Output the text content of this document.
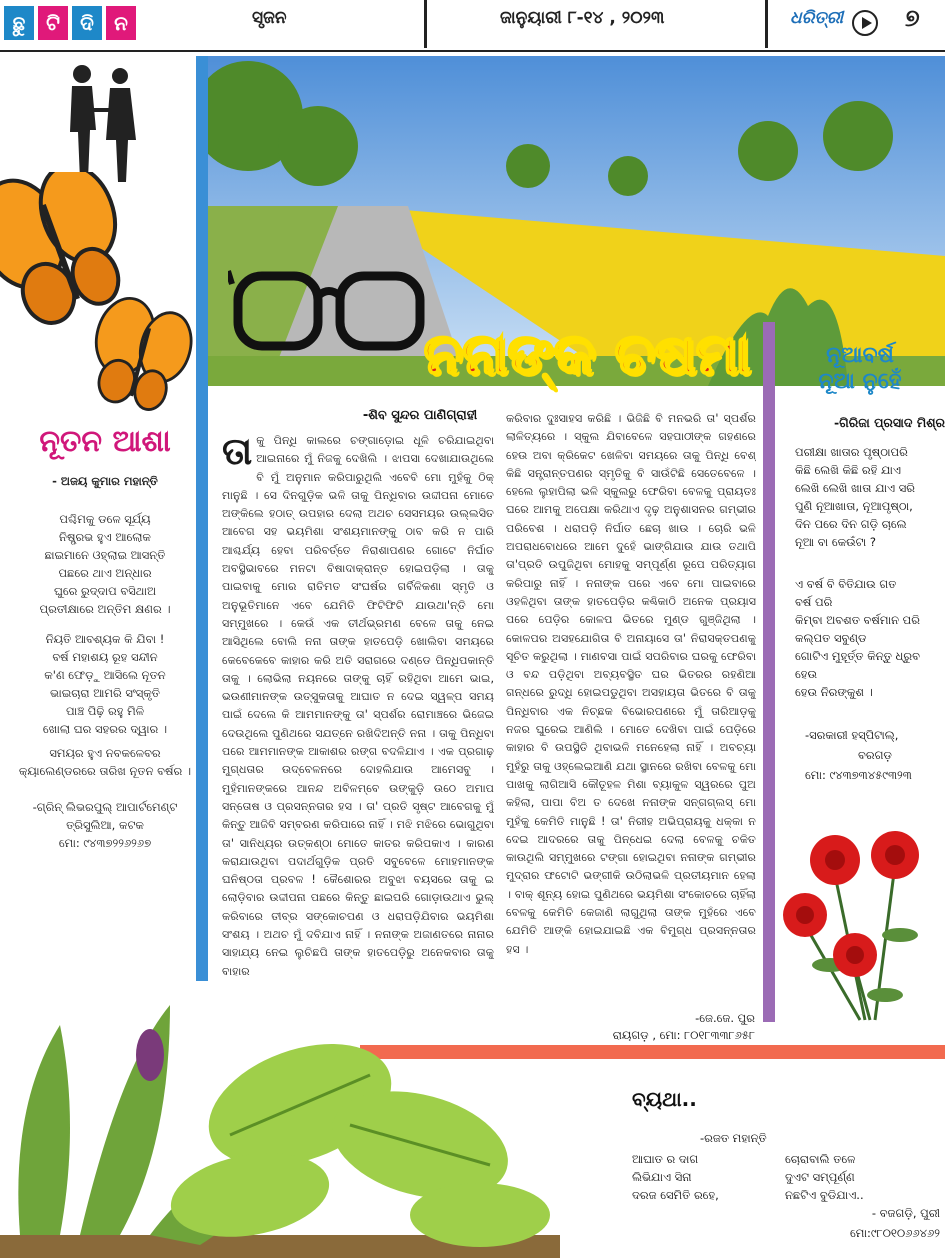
ଛୁ	ଟି	ଦି	ନ	ସୃଜନ	ଜାନୁୟାରୀ ୮-୧୪ , ୨୦୨୩	ଧରିତ୍ରୀ	୭
ନୂତନ ଆଶା
- ଅଜୟ କୁମାର ମହାନ୍ତି
ପଶ୍ଚିମକୁ ଡଳେ ସୂର୍ଯ୍ୟ
ନିଷ୍ପ୍ରଭ ହୁଏ ଆଲୋକ
ଛାଇମାନେ ଓହ୍ଲାଇ ଆସନ୍ତି
ପଛରେ ଥାଏ ଅନ୍ଧାର
ଘୁରେ ରୁଦ୍‌ଦାପ ବସିଥାଅ
ପ୍ରତୀକ୍ଷାରେ ଅନ୍ତିମ କ୍ଷଣର ।
ନିୟତି ଆବଶ୍ୟକ କି ଯିବା !
ବର୍ଷ ମହାଶୟ ରୂହ ସନ୍ଦୀନ
କ'ଣ ଫେଡ଼ୁ ଆସିଲେ ନୂତନ
ଭାଇଚାରା ଆମରି ସଂସ୍କୃତି
ପାଞ୍ଚ ପିଢ଼ି ରହୁ ମିଳି
ଖୋଲା ଘର ସହରର ଦ୍ୱାର ।
ସମୟର ହୁଏ ନବକଳେବର
କ୍ୟାଲେଣ୍ଡରରେ ତାରିଖ ନୂତନ ବର୍ଷର ।
-ଗ୍ରିନ୍ ଲିଭରପୁଲ୍ ଆପାର୍ଟମେଣ୍ଟ
ତ୍ରିସୁଲିଆ, କଟକ
ମୋ: ୯୪୩୭୨୨୬୨୬୭
ନନାଙ୍କ ଚଷମା
-ଶିବ ସୁନ୍ଦର ପାଣିଗ୍ରାହୀ
ତା କୁ ପିନ୍ଧି କାଲରେ ଚଙ୍ଗାଡ଼ୋଇ ଧୂଳି ଚରିଯାଇଥିବା ଆଇନାରେ ମୁଁ ନିଜକୁ ଦେଖିଲି । ଝାପସା ଦେଖାଯାଉଥିଲେ ବି ମୁଁ ଅନୁମାନ କରିପାରୁଥିଲି ଏବେବି ମୋ ମୁହଁକୁ ଠିକ୍ ମାନୁଛି । ସେ ଦିନଗୁଡ଼ିକ ଭଳି ତାକୁ ପିନ୍ଧିବାର ଉଦ୍ଦୀପନା ମୋତେ ଅଙ୍କିଲେ ହଠାତ୍ ଉପହାର ଦେଲା ଅଥଚ ସେସମୟର ଉଲ୍ଲସିତ ଆବେଗ ସହ ଭୟମିଶା ସଂଶୟମାନଙ୍କୁ ଠାବ କରି ନ ପାରି ଆଶ୍ଚର୍ଯ୍ୟ ହେବା ପରିବର୍ତ୍ତେ ନିରାଶାପଣର ଗୋଟେ ନିର୍ଘାତ ଅବସ୍ଥିଭାବରେ ମନଟା ବିଷାଦାକ୍ରାନ୍ତ ହୋଇପଡ଼ିଲା । ତାକୁ ପାଇବାକୁ ମୋର ରାତିମତ ସଂଘର୍ଷର ଗର୍ବିଳିକଣା ସ୍ମୃତି ଓ ଅନୁଭୂତିମାନେ ଏବେ ଯେମିତି ଫିଟିଫିଟି ଯାଉଥା'ନ୍ତି ମୋ ସମ୍ମୁଖରେ । କେଉଁ ଏକ ତୀର୍ଥଭ୍ରମଣ ବେଳେ ତାକୁ ନେଇ ଆସିଥିଲେ ବୋଲି ନନା ତାଙ୍କ ହାତପେଡ଼ି ଖୋଲିବା ସମୟରେ କେବେକେବେ କାହାର କରି ଅତି ସରାଗରେ ଦଣ୍ଡେ ପିନ୍ଧିପକାନ୍ତି ତାକୁ । ଲୋଭିଲା ନୟନରେ ତାଙ୍କୁ ଚାହିଁ ରହିଥିବା ଆମେ ଭାଇ, ଭଉଣୀମାନଙ୍କ ଉତ୍ସୁକତାକୁ ଆଘାତ ନ ଦେଇ ସ୍ୱଳ୍ପ ସମୟ ପାଇଁ ଦେଲେ କି ଆମମାନଙ୍କୁ ତା' ସ୍ପର୍ଶର ରୋମାଞ୍ଚରେ ଭିଜେଇ ଦେଉଥିଲେ ପୁଣିଥରେ ସଯତ୍ନେ ରଖିଦିଅନ୍ତି ନନା । ତାକୁ ପିନ୍ଧିବା ପରେ ଆମମାନଙ୍କ ଆକାଶର ରଙ୍ଗ ବଦଳିଯାଏ । ଏକ ପ୍ରଗାଢ଼ ମୁଗ୍ଧତାର ଉଦ୍‌ବେଳନରେ ଦୋହଲିଯାଉ ଆମେସବୁ । ମୁହଁମାନଙ୍କରେ ଆନନ୍ଦ ଅବିଳମ୍ବେ ଉଙ୍କୁଡ଼ି ଉଠେ ଅମାପ ସନ୍ତୋଷ ଓ ପ୍ରସନ୍ନତାର ହସ । ତା' ପ୍ରତି ସୃଷ୍ଟ ଆବେଗକୁ ମୁଁ କିନ୍ତୁ ଆଜିବି ସମ୍ବରଣ କରିପାରେ ନାହିଁ । ମଝି ମଝିରେ ଭୋଗୁଥିବା ତା' ସାନିଧ୍ୟର ଉତ୍କଣ୍ଠା ମୋତେ କାତର କରିପକାଏ । କାରଣ କରାଯାଉଥିବା ପଦାର୍ଥଗୁଡ଼ିକ ପ୍ରତି ସବୁବେଳେ ମୋହମାନଙ୍କ ଘନିଷ୍ଠତା ପ୍ରବଳ ! କୈଶୋରର ଅବୁଝା ବୟସରେ ତାକୁ ଇ ଲୋଡ଼ିବାର ଉଦ୍ଦୀପନା ପଛରେ କିନ୍ତୁ ଛାଇପରି ଗୋଡ଼ାଉଥାଏ ଭୁଲ୍ କରିବାରେ ତୀବ୍ର ସଙ୍କୋଚପଣ ଓ ଧରାପଡ଼ିଯିବାର ଭୟମିଶା ସଂଶୟ । ଅଥଚ ମୁଁ ଦବିଯାଏ ନାହିଁ । ନନାଙ୍କ ଅଜାଣତରେ ନାନାର ସାହାଯ୍ୟ ନେଇ ଲୁଚିଛପି ତାଙ୍କ ହାତପେଡ଼ିରୁ ଅନେକବାର ତାକୁ ବାହାର
କରିବାର ଦୁଃସାହସ କରିଛି । ଭିଜିଛି ବି ମନଭରି ତା' ସ୍ପର୍ଶର ଲାଳିତ୍ୟରେ । ସ୍କୁଲ ଯିବାବେଳେ ସହପାଠୀଙ୍କ ଗହଣରେ ହେଉ ଅବା କ୍ରିକେଟ ଖେଳିବା ସମୟରେ ତାକୁ ପିନ୍ଧି ବେଶ୍ କିଛି ସନ୍ତ୍ରାନ୍ତପଣର ସ୍ମୃତିକୁ ବି ସାଉଁଟିଛି ସେତେବେଳେ । ହେଲେ ଲୁହାପିଲା ଭଳି ସ୍କୁଲରୁ ଫେରିବା ବେଳକୁ ପ୍ରାୟତଃ ଘରେ ଆମକୁ ଅପେକ୍ଷା କରିଥାଏ ଦୃଢ଼ ଅନୁଶାସନର ଗମ୍ଭୀର ପରିବେଶ । ଧରାପଡ଼ି ନିର୍ଘାତ ଛେଚା ଖାଉ । ଚୋରି ଭଳି ଅପରାଧବୋଧରେ ଆମେ ଦୁହେଁ ଭାଙ୍ଗିଯାଉ ଯାଉ ତଥାପି ତା'ପ୍ରତି ଉପୁଜିଥିବା ମୋହକୁ ସମ୍ପୂର୍ଣ୍ଣ ରୂପେ ପରିତ୍ୟାଗ କରିପାରୁ ନାହିଁ । ନନାଙ୍କ ପରେ ଏବେ ମୋ ପାଇବାରେ ଓହଳିଥିବା ତାଙ୍କ ହାତପେଡ଼ିର କଣ୍ଢିକାଠି ଅନେକ ପ୍ରୟାସ ପରେ ପେଡ଼ିର କୋଳପ ଭିତରେ ମୁଣ୍ଡ ଗୁଞ୍ଜିଥିଲା । କୋଳପର ଅସହଯୋଗିତା ବି ଅନାୟାସେ ତା' ନିରାସକ୍ତପଣକୁ ସୂଚିତ କରୁଥିଲା । ମାଣବସା ପାଇଁ ସପରିବାର ଘରକୁ ଫେରିବା ଓ ବନ୍ଦ ପଡ଼ିଥିବା ଅବ୍ୟବସ୍ଥିତ ଘର ଭିତରର ରହଣିଆ ଗନ୍ଧରେ ରୁଦ୍ଧି ହୋଇପଡୁଥିବା ଅସହାୟତା ଭିତରେ ବି ତାକୁ ପିନ୍ଧିବାର ଏକ ନିଚ୍ଛକ ବିଭୋରପଣରେ ମୁଁ ତାରିଆଡ଼କୁ ନଜର ଘୁରେଇ ଆଣିଲି । ମୋତେ ଦେଖିବା ପାଇଁ ପେଡ଼ିରେ କାହାର ବି ଉପସ୍ଥିତି ଥିବାଭଳି ମନେହେଲା ନାହିଁ । ଅବଚ୍ୟା ମୁହଁରୁ ତାକୁ ଓହ୍ଲେଇଆଣି ଯଥା ସ୍ଥାନରେ ରଖିବା ବେଳକୁ ମୋ ପାଖକୁ ଲାଗିଆସି କୌତୂହଳ ମିଶା ବ୍ୟାକୁଳ ସ୍ୱରରେ ପୁଅ କହିଲା, ପାପା ବିଅ ତ ଦେଖେ ନନାଙ୍କ ସନ୍‌ଗଗ୍ଲସ୍ ମୋ ମୁହଁକୁ କେମିତି ମାନୁଛି ! ତା' ନିରୀହ ଅଭିପ୍ରାୟକୁ ଧକ୍କା ନ ଦେଇ ଆଦରରେ ତାକୁ ପିନ୍ଧେଇ ଦେଲା ବେଳକୁ ଚକିତ କାଉଥିଲି ସମ୍ମୁଖରେ ଟଙ୍ଗା ହୋଇଥିବା ନନାଙ୍କ ଗମ୍ଭୀର ମୁଦ୍ରାର ଫଟୋଟି ଭଙ୍ଗୀକି ଉଠିଲାଭଳି ପ୍ରତୀୟମାନ ହେଲା । ବାକ୍ ଶୂନ୍ୟ ହୋଇ ପୁଣିଥରେ ଭୟମିଶା ସଂକୋଚରେ ଚାହିଁଲା ବେଳକୁ କେମିତି କେଜାଣି ଲାଗୁଥିଲା ତାଙ୍କ ମୁହଁରେ ଏବେ ଯେମିତି ଆଙ୍କି ହୋଇଯାଇଛି ଏକ ବିମୁଗ୍ଧ ପ୍ରସନ୍ନତାର ହସ ।
-ଜେ.ଜେ. ପୁର
ରାୟଗଡ଼ , ମୋ: ୮୦୧୮୩୩୮୬୫୮
ନୂଆବର୍ଷ
ନୂଆ ନୁହେଁ
-ଗିରିଜା ପ୍ରସାଦ ମିଶ୍ର
ପରୀକ୍ଷା ଖାତାର ପୃଷ୍ଠାପରି
କିଛି ଲେଖି କିଛି ରହି ଯାଏ
ଲେଖି ଲେଖି ଖାତା ଯାଏ ସରି
ପୁଣି ନୂଆଖାତା, ନୂଆପୃଷ୍ଠା,
ଦିନ ପରେ ଦିନ ଗଡ଼ି ଚାଲେ
ନୂଆ ବା କେଉଁଟା ?
ଏ ବର୍ଷ ବି ବିତିଯାଉ ଗତ
ବର୍ଷ ପରି
କିମ୍ବା ଅବଶତ ବର୍ଷମାନ ପରି
କଲ୍ପତ ସବୁଣ୍ଡ
ଗୋଟିଏ ମୁହୂର୍ତ୍ତ କିନ୍ତୁ ଧ୍ରୁବ
ହେଉ
ହେଉ ନିରଙ୍କୁଶ ।
-ସରକାରୀ ହସ୍‌ପିଟାଲ୍,
ବରଗଡ଼
ମୋ: ୯୪୩୭୩୪୫୯୩୨୩
ବ୍ୟଥା..
-ରଜତ ମହାନ୍ତି
ଆଘାତ ର ଦାଗ
ଲିଭିଯାଏ ସିନା
ଦରଜ ସେମିତି ରହେ,
ଚୋରାବାଲି ତଳେ
ଦୁଏଟ ସମ୍ପୂର୍ଣ୍ଣ
ନଛଟିଏ ବୁଡିଯାଏ..
- ବଜଗଡ଼ି, ପୁରୀ
ମୋ:୯୮୦୧୦୬୬୪୬୨
